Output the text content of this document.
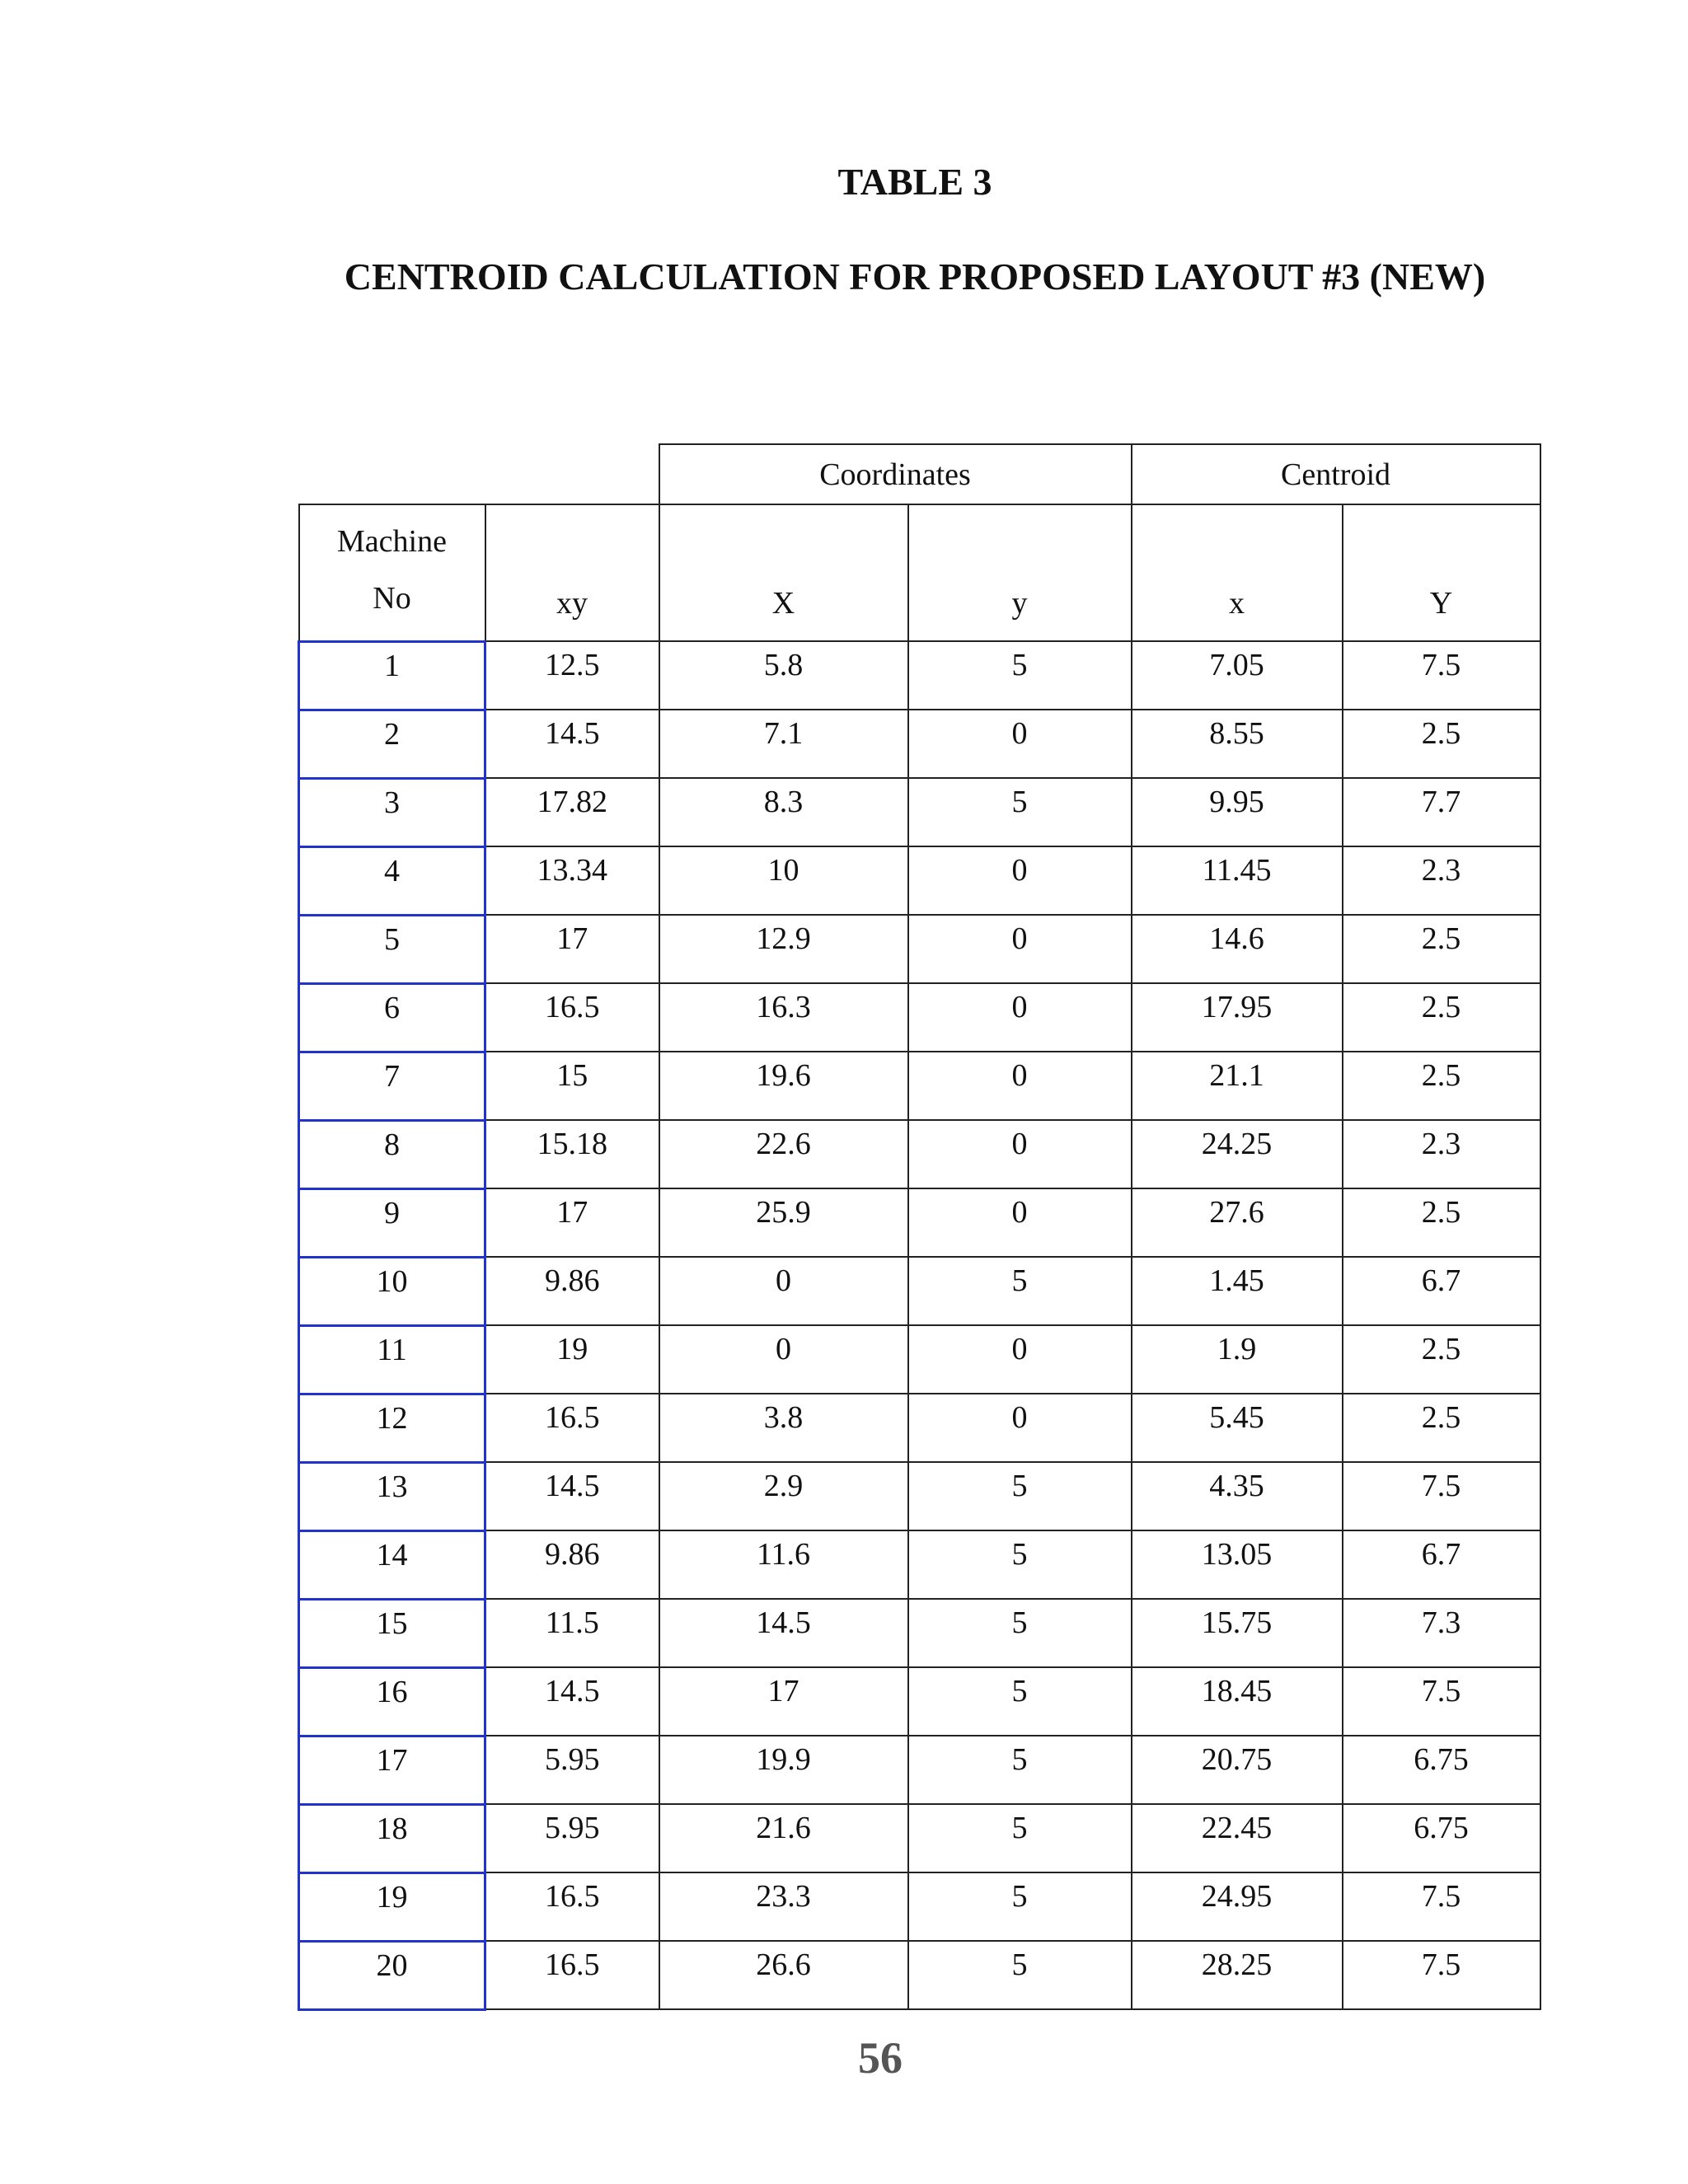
TABLE 3
CENTROID CALCULATION FOR PROPOSED LAYOUT #3 (NEW)
		Coordinates		Centroid	

Machine
No	xy	X	y	x	Y
1	12.5	5.8	5	7.05	7.5
2	14.5	7.1	0	8.55	2.5
3	17.82	8.3	5	9.95	7.7
4	13.34	10	0	11.45	2.3
5	17	12.9	0	14.6	2.5
6	16.5	16.3	0	17.95	2.5
7	15	19.6	0	21.1	2.5
8	15.18	22.6	0	24.25	2.3
9	17	25.9	0	27.6	2.5
10	9.86	0	5	1.45	6.7
11	19	0	0	1.9	2.5
12	16.5	3.8	0	5.45	2.5
13	14.5	2.9	5	4.35	7.5
14	9.86	11.6	5	13.05	6.7
15	11.5	14.5	5	15.75	7.3
16	14.5	17	5	18.45	7.5
17	5.95	19.9	5	20.75	6.75
18	5.95	21.6	5	22.45	6.75
19	16.5	23.3	5	24.95	7.5
20	16.5	26.6	5	28.25	7.5
56
